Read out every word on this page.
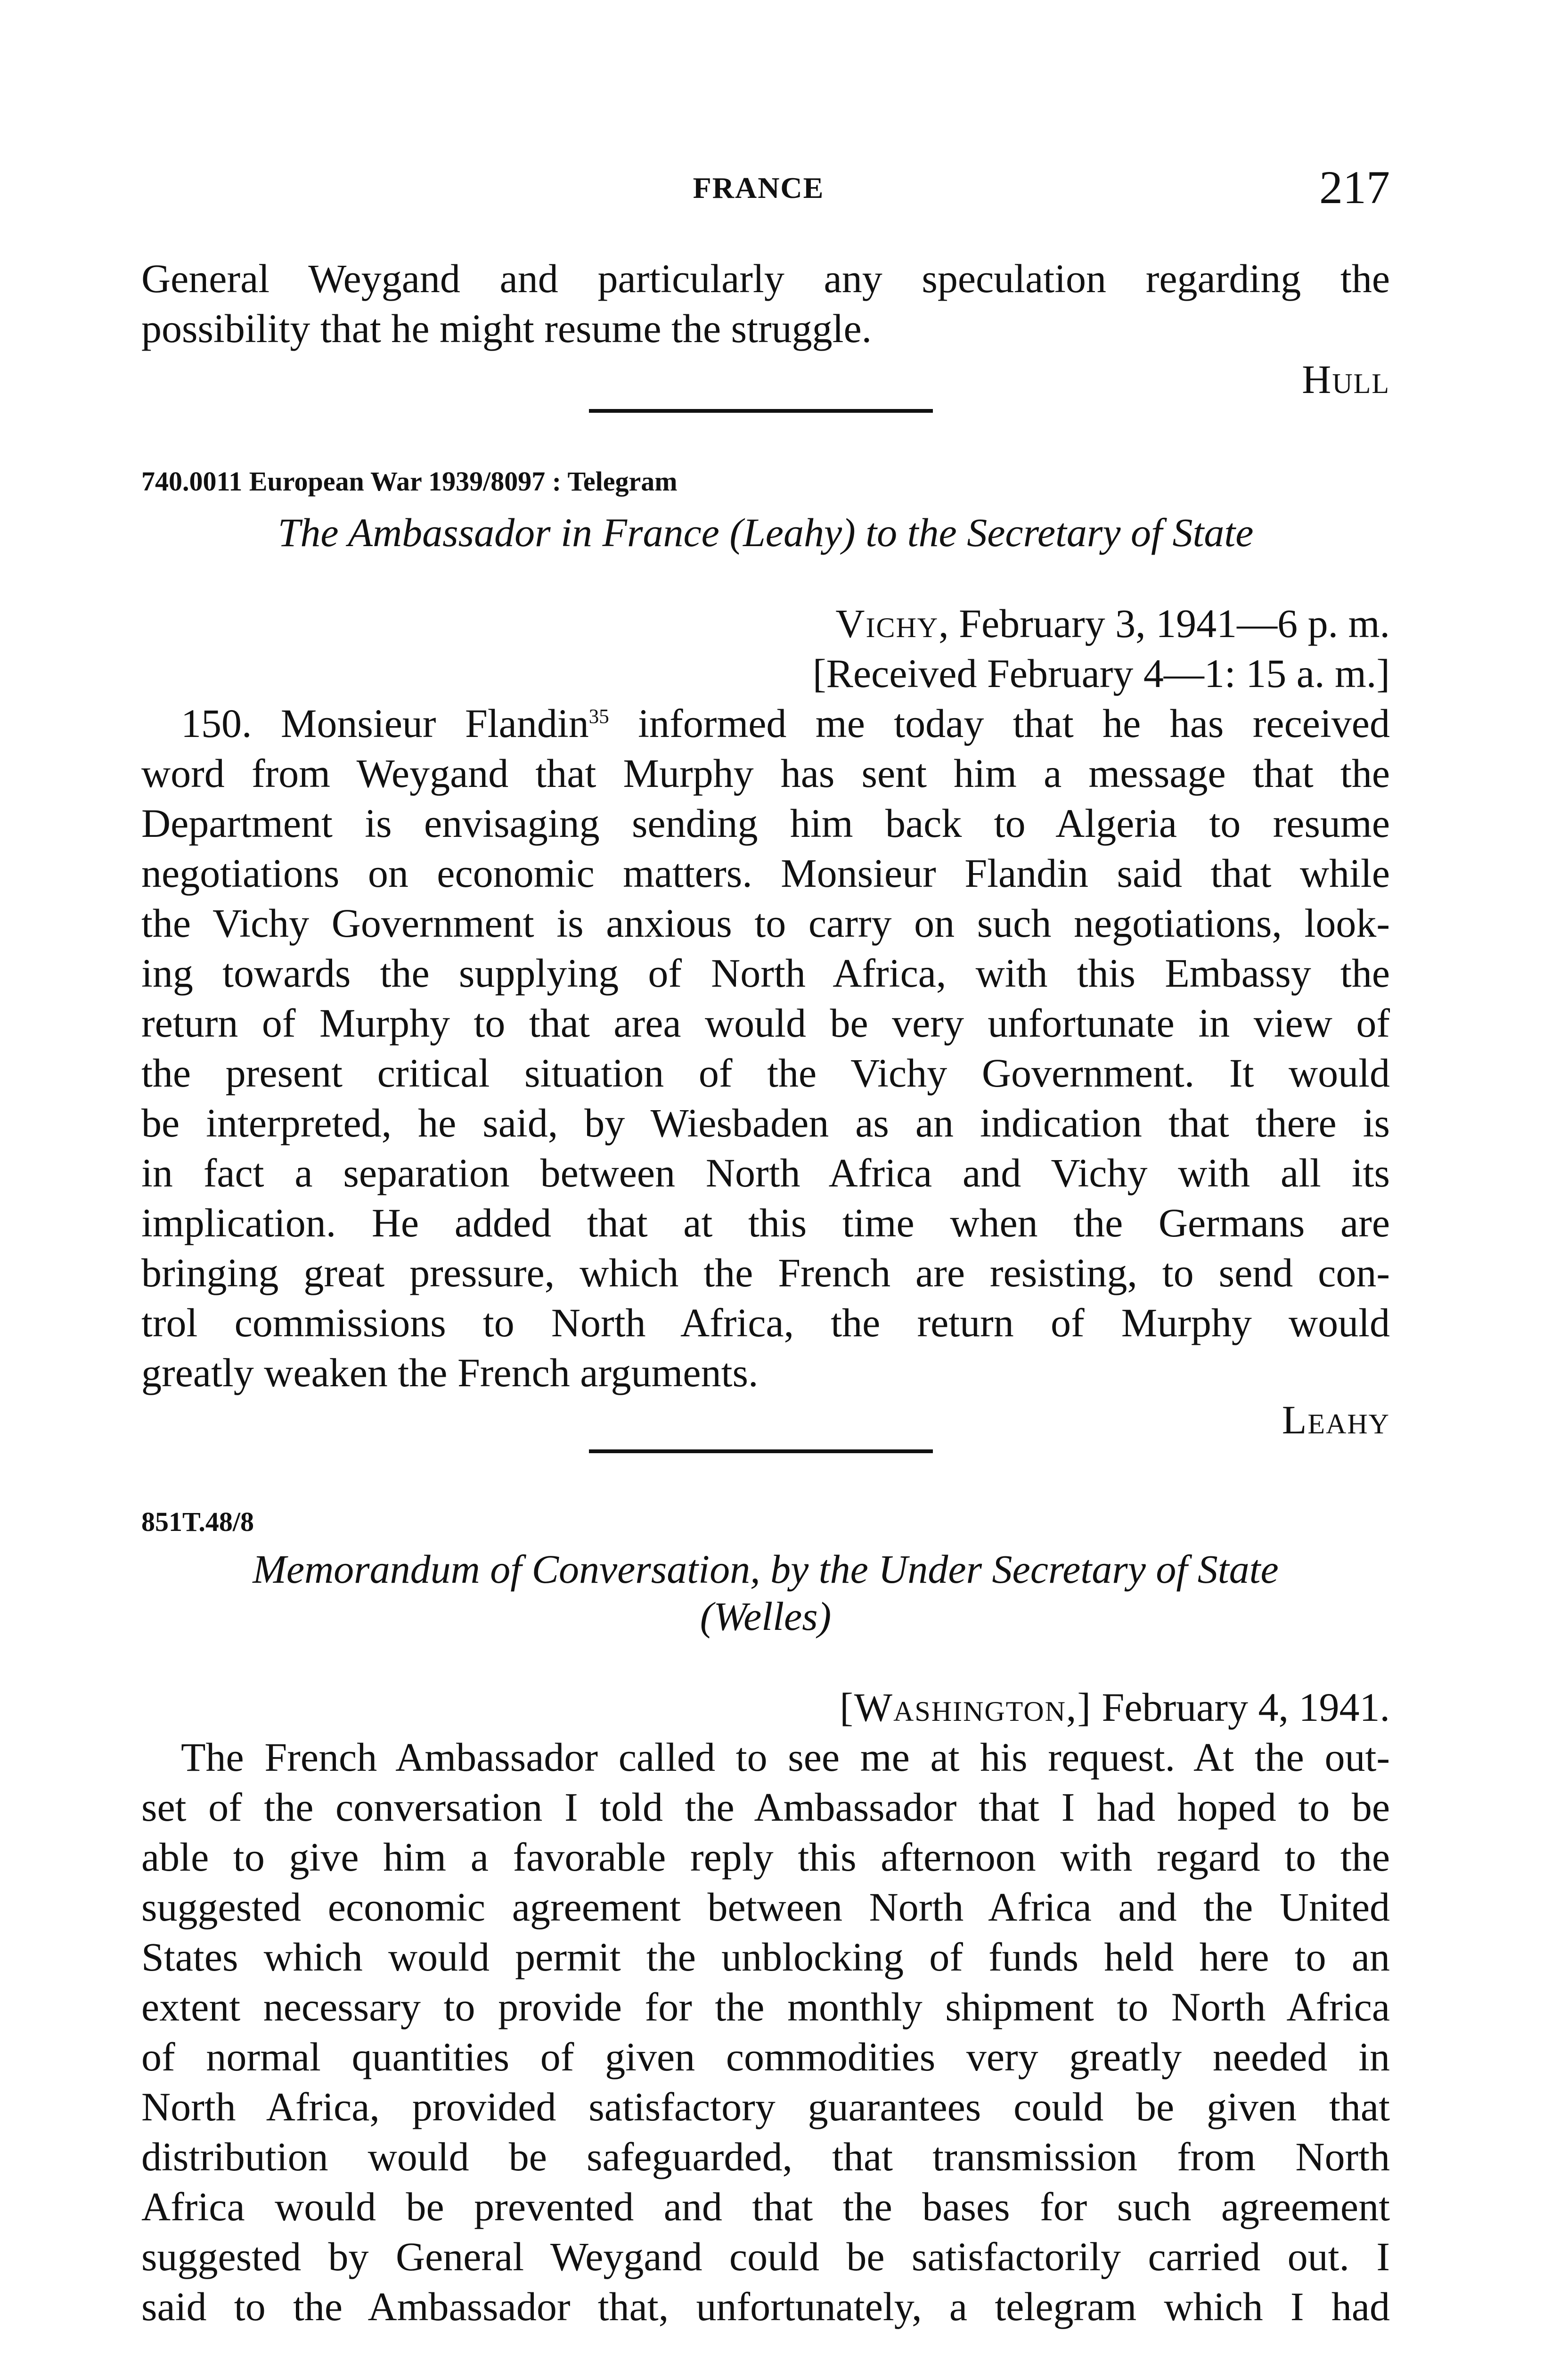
FRANCE	217
General Weygand and particularly any speculation regarding the
possibility that he might resume the struggle.
Hull
740.0011 European War 1939/8097 : Telegram
The Ambassador in France (Leahy) to the Secretary of State
Vichy, February 3, 1941—6 p. m.
[Received February 4—1: 15 a. m.]
150. Monsieur Flandin$^{35}$ informed me today that he has received
word from Weygand that Murphy has sent him a message that the
Department is envisaging sending him back to Algeria to resume
negotiations on economic matters. Monsieur Flandin said that while
the Vichy Government is anxious to carry on such negotiations, look-
ing towards the supplying of North Africa, with this Embassy the
return of Murphy to that area would be very unfortunate in view of
the present critical situation of the Vichy Government. It would
be interpreted, he said, by Wiesbaden as an indication that there is
in fact a separation between North Africa and Vichy with all its
implication. He added that at this time when the Germans are
bringing great pressure, which the French are resisting, to send con-
trol commissions to North Africa, the return of Murphy would
greatly weaken the French arguments.
Leahy
851T.48/8
Memorandum of Conversation, by the Under Secretary of State
(Welles)
[Washington,] February 4, 1941.
The French Ambassador called to see me at his request. At the out-
set of the conversation I told the Ambassador that I had hoped to be
able to give him a favorable reply this afternoon with regard to the
suggested economic agreement between North Africa and the United
States which would permit the unblocking of funds held here to an
extent necessary to provide for the monthly shipment to North Africa
of normal quantities of given commodities very greatly needed in
North Africa, provided satisfactory guarantees could be given that
distribution would be safeguarded, that transmission from North
Africa would be prevented and that the bases for such agreement
suggested by General Weygand could be satisfactorily carried out. I
said to the Ambassador that, unfortunately, a telegram which I had
